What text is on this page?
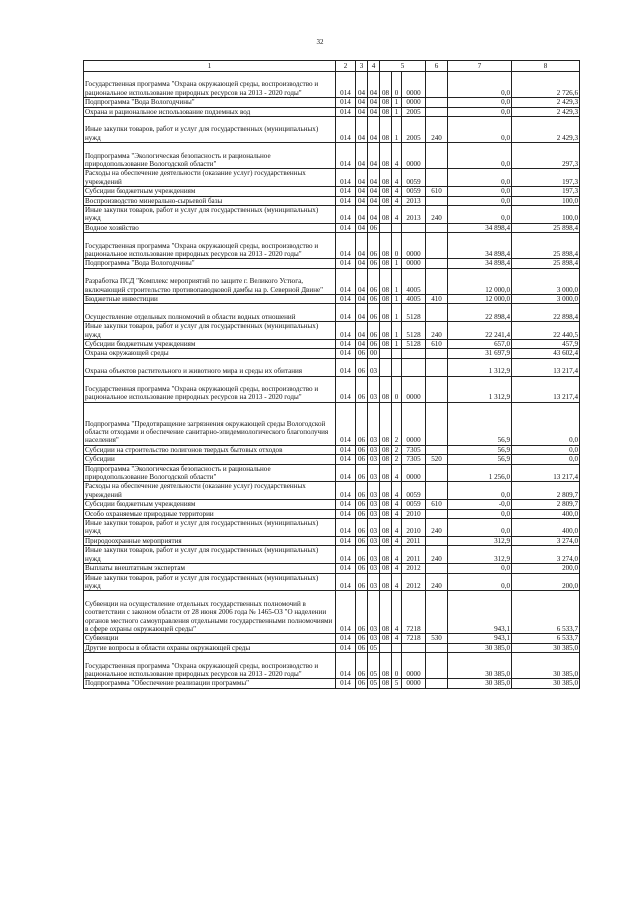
32
1	2	3	4	5			6	7	8
Государственная программа "Охрана окружающей среды, воспроизводство и рациональное использование природных ресурсов на 2013 - 2020 годы"	014	04	04	08	0	0000		0,0	2 726,6
Подпрограмма "Вода Вологодчины"	014	04	04	08	1	0000		0,0	2 429,3
Охрана и рациональное использование подземных вод	014	04	04	08	1	2005		0,0	2 429,3
Иные закупки товаров, работ и услуг для государственных (муниципальных) нужд	014	04	04	08	1	2005	240	0,0	2 429,3
Подпрограмма "Экологическая безопасность и рациональное природопользование Вологодской области"	014	04	04	08	4	0000		0,0	297,3
Расходы на обеспечение деятельности (оказание услуг) государственных учреждений	014	04	04	08	4	0059		0,0	197,3
Субсидии бюджетным учреждениям	014	04	04	08	4	0059	610	0,0	197,3
Воспроизводство минерально-сырьевой базы	014	04	04	08	4	2013		0,0	100,0
Иные закупки товаров, работ и услуг для государственных (муниципальных) нужд	014	04	04	08	4	2013	240	0,0	100,0
Водное хозяйство	014	04	06					34 898,4	25 898,4
Государственная программа "Охрана окружающей среды, воспроизводство и рациональное использование природных ресурсов на 2013 - 2020 годы"	014	04	06	08	0	0000		34 898,4	25 898,4
Подпрограмма "Вода Вологодчины"	014	04	06	08	1	0000		34 898,4	25 898,4
Разработка ПСД "Комплекс мероприятий по защите г. Великого Устюга, включающий строительство противопаводковой дамбы на р. Северной Двине"	014	04	06	08	1	4005		12 000,0	3 000,0
Бюджетные инвестиции	014	04	06	08	1	4005	410	12 000,0	3 000,0
Осуществление отдельных полномочий в области водных отношений	014	04	06	08	1	5128		22 898,4	22 898,4
Иные закупки товаров, работ и услуг для государственных (муниципальных) нужд	014	04	06	08	1	5128	240	22 241,4	22 440,5
Субсидии бюджетным учреждениям	014	04	06	08	1	5128	610	657,0	457,9
Охрана окружающей среды	014	06	00					31 697,9	43 602,4
Охрана объектов растительного и животного мира и среды их обитания	014	06	03					1 312,9	13 217,4
Государственная программа "Охрана окружающей среды, воспроизводство и рациональное использование природных ресурсов на 2013 - 2020 годы"	014	06	03	08	0	0000		1 312,9	13 217,4
Подпрограмма "Предотвращение загрязнения окружающей среды Вологодской области отходами и обеспечение санитарно-эпидемиологического благополучия населения"	014	06	03	08	2	0000		56,9	0,0
Субсидии на строительство полигонов твердых бытовых отходов	014	06	03	08	2	7305		56,9	0,0
Субсидии	014	06	03	08	2	7305	520	56,9	0,0
Подпрограмма "Экологическая безопасность и рациональное природопользование Вологодской области"	014	06	03	08	4	0000		1 256,0	13 217,4
Расходы на обеспечение деятельности (оказание услуг) государственных учреждений	014	06	03	08	4	0059		0,0	2 809,7
Субсидии бюджетным учреждениям	014	06	03	08	4	0059	610	-0,0	2 809,7
Особо охраняемые природные территории	014	06	03	08	4	2010		0,0	400,0
Иные закупки товаров, работ и услуг для государственных (муниципальных) нужд	014	06	03	08	4	2010	240	0,0	400,0
Природоохранные мероприятия	014	06	03	08	4	2011		312,9	3 274,0
Иные закупки товаров, работ и услуг для государственных (муниципальных) нужд	014	06	03	08	4	2011	240	312,9	3 274,0
Выплаты внештатным экспертам	014	06	03	08	4	2012		0,0	200,0
Иные закупки товаров, работ и услуг для государственных (муниципальных) нужд	014	06	03	08	4	2012	240	0,0	200,0
Субвенции на осуществление отдельных государственных полномочий в соответствии с законом области от 28 июня 2006 года № 1465-ОЗ "О наделении органов местного самоуправления отдельными государственными полномочиями в сфере охраны окружающей среды"	014	06	03	08	4	7218		943,1	6 533,7
Субвенции	014	06	03	08	4	7218	530	943,1	6 533,7
Другие вопросы в области охраны окружающей среды	014	06	05					30 385,0	30 385,0
Государственная программа "Охрана окружающей среды, воспроизводство и рациональное использование природных ресурсов на 2013 - 2020 годы"	014	06	05	08	0	0000		30 385,0	30 385,0
Подпрограмма "Обеспечение реализации программы"	014	06	05	08	5	0000		30 385,0	30 385,0
